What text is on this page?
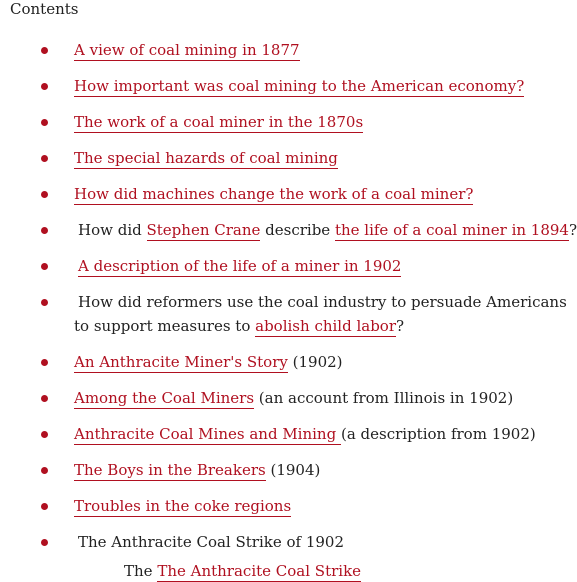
Contents
A view of coal mining in 1877
How important was coal mining to the American economy?
The work of a coal miner in the 1870s
The special hazards of coal mining
How did machines change the work of a coal miner?
How did Stephen Crane describe the life of a coal miner in 1894?
A description of the life of a miner in 1902
How did reformers use the coal industry to persuade Americans
to support measures to abolish child labor?
An Anthracite Miner's Story (1902)
Among the Coal Miners (an account from Illinois in 1902)
Anthracite Coal Mines and Mining (a description from 1902)
The Boys in the Breakers (1904)
Troubles in the coke regions
The Anthracite Coal Strike of 1902
The The Anthracite Coal Strike
